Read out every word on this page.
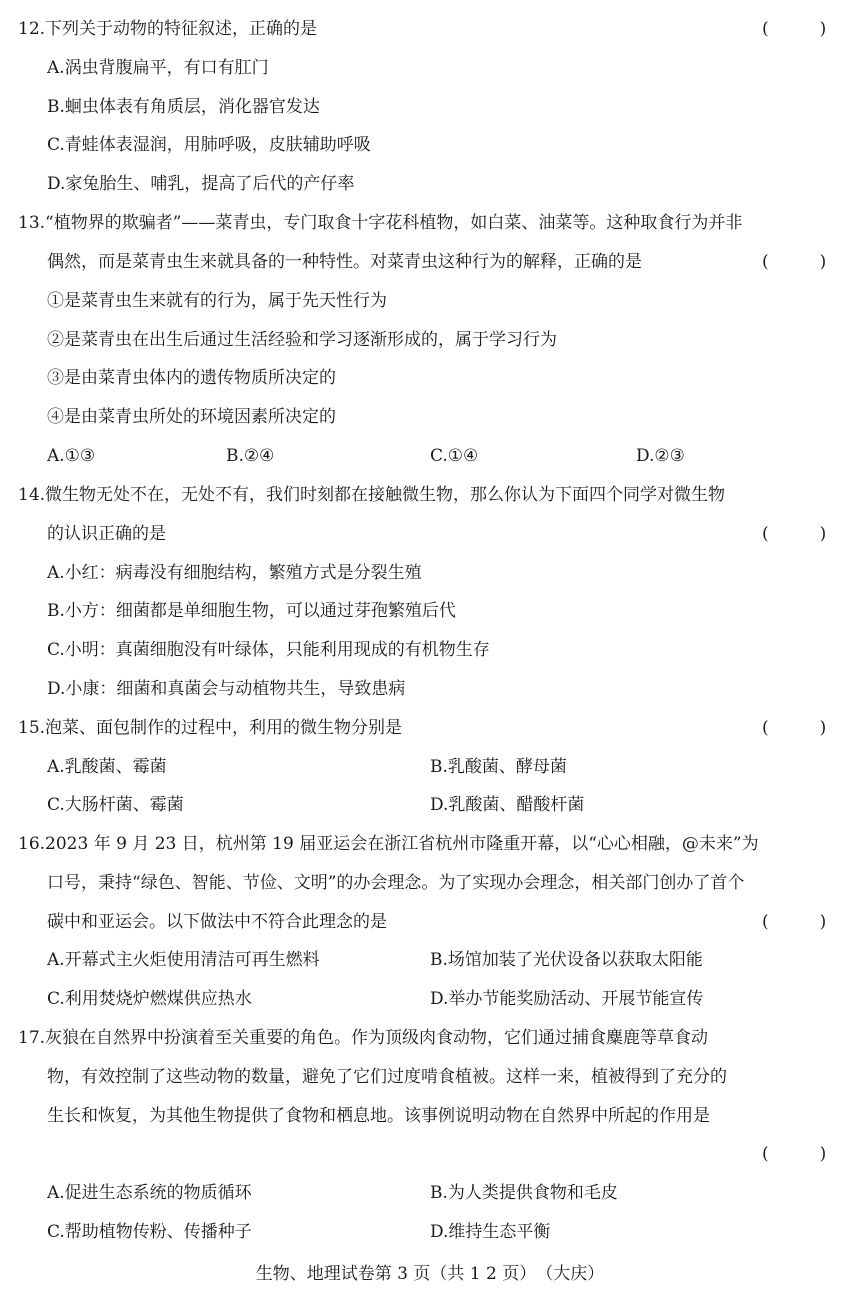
12.下列关于动物的特征叙述，正确的是	(　　　)
A.涡虫背腹扁平，有口有肛门
B.蛔虫体表有角质层，消化器官发达
C.青蛙体表湿润，用肺呼吸，皮肤辅助呼吸
D.家兔胎生、哺乳，提高了后代的产仔率
13.“植物界的欺骗者”——菜青虫，专门取食十字花科植物，如白菜、油菜等。这种取食行为并非
偶然，而是菜青虫生来就具备的一种特性。对菜青虫这种行为的解释，正确的是	(　　　)
①是菜青虫生来就有的行为，属于先天性行为
②是菜青虫在出生后通过生活经验和学习逐渐形成的，属于学习行为
③是由菜青虫体内的遗传物质所决定的
④是由菜青虫所处的环境因素所决定的
A.①③	B.②④	C.①④	D.②③
14.微生物无处不在，无处不有，我们时刻都在接触微生物，那么你认为下面四个同学对微生物
的认识正确的是	(　　　)
A.小红：病毒没有细胞结构，繁殖方式是分裂生殖
B.小方：细菌都是单细胞生物，可以通过芽孢繁殖后代
C.小明：真菌细胞没有叶绿体，只能利用现成的有机物生存
D.小康：细菌和真菌会与动植物共生，导致患病
15.泡菜、面包制作的过程中，利用的微生物分别是	(　　　)
A.乳酸菌、霉菌	B.乳酸菌、酵母菌
C.大肠杆菌、霉菌	D.乳酸菌、醋酸杆菌
16.2023 年 9 月 23 日，杭州第 19 届亚运会在浙江省杭州市隆重开幕，以“心心相融，@未来”为
口号，秉持“绿色、智能、节俭、文明”的办会理念。为了实现办会理念，相关部门创办了首个
碳中和亚运会。以下做法中不符合此理念的是	(　　　)
A.开幕式主火炬使用清洁可再生燃料	B.场馆加装了光伏设备以获取太阳能
C.利用焚烧炉燃煤供应热水	D.举办节能奖励活动、开展节能宣传
17.灰狼在自然界中扮演着至关重要的角色。作为顶级肉食动物，它们通过捕食麋鹿等草食动
物，有效控制了这些动物的数量，避免了它们过度啃食植被。这样一来，植被得到了充分的
生长和恢复，为其他生物提供了食物和栖息地。该事例说明动物在自然界中所起的作用是
(　　　)
A.促进生态系统的物质循环	B.为人类提供食物和毛皮
C.帮助植物传粉、传播种子	D.维持生态平衡
生物、地理试卷第 3 页（共 1 2 页）　（大庆）
